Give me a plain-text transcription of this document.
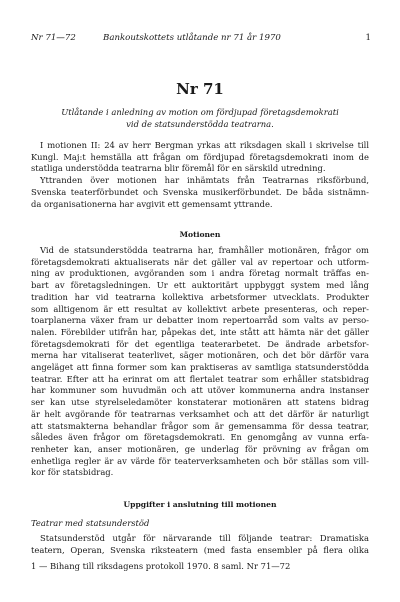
Nr 71—72	Bankoutskottets utlåtande nr 71 år 1970	1
Nr 71
Utlåtande i anledning av motion om fördjupad företagsdemokrati
vid de statsunderstödda teatrarna.
I motionen II: 24 av herr Bergman yrkas att riksdagen skall i skrivelse till
Kungl. Maj:t hemställa att frågan om fördjupad företagsdemokrati inom de
statliga understödda teatrarna blir föremål för en särskild utredning.
Yttranden över motionen har inhämtats från Teatrarnas riksförbund,
Svenska teaterförbundet och Svenska musikerförbundet. De båda sistnämn-
da organisationerna har avgivit ett gemensamt yttrande.
Motionen
Vid de statsunderstödda teatrarna har, framhåller motionären, frågor om
företagsdemokrati aktualiserats när det gäller val av repertoar och utform-
ning av produktionen, avgöranden som i andra företag normalt träffas en-
bart av företagsledningen. Ur ett auktoritärt uppbyggt system med lång
tradition har vid teatrarna kollektiva arbetsformer utvecklats. Produkter
som alltigenom är ett resultat av kollektivt arbete presenteras, och reper-
toarplanerna växer fram ur debatter inom repertoarråd som valts av perso-
nalen. Förebilder utifrån har, påpekas det, inte stått att hämta när det gäller
företagsdemokrati för det egentliga teaterarbetet. De ändrade arbetsfor-
merna har vitaliserat teaterlivet, säger motionären, och det bör därför vara
angeläget att finna former som kan praktiseras av samtliga statsunderstödda
teatrar. Efter att ha erinrat om att flertalet teatrar som erhåller statsbidrag
har kommuner som huvudmän och att utöver kommunerna andra instanser
ser kan utse styrelseledamöter konstaterar motionären att statens bidrag
är helt avgörande för teatrarnas verksamhet och att det därför är naturligt
att statsmakterna behandlar frågor som är gemensamma för dessa teatrar,
således även frågor om företagsdemokrati. En genomgång av vunna erfa-
renheter kan, anser motionären, ge underlag för prövning av frågan om
enhetliga regler är av värde för teaterverksamheten och bör ställas som vill-
kor för statsbidrag.
Uppgifter i anslutning till motionen
Teatrar med statsunderstöd
Statsunderstöd utgår för närvarande till följande teatrar: Dramatiska
teatern, Operan, Svenska riksteatern (med fasta ensembler på flera olika
1 — Bihang till riksdagens protokoll 1970. 8 saml. Nr 71—72
